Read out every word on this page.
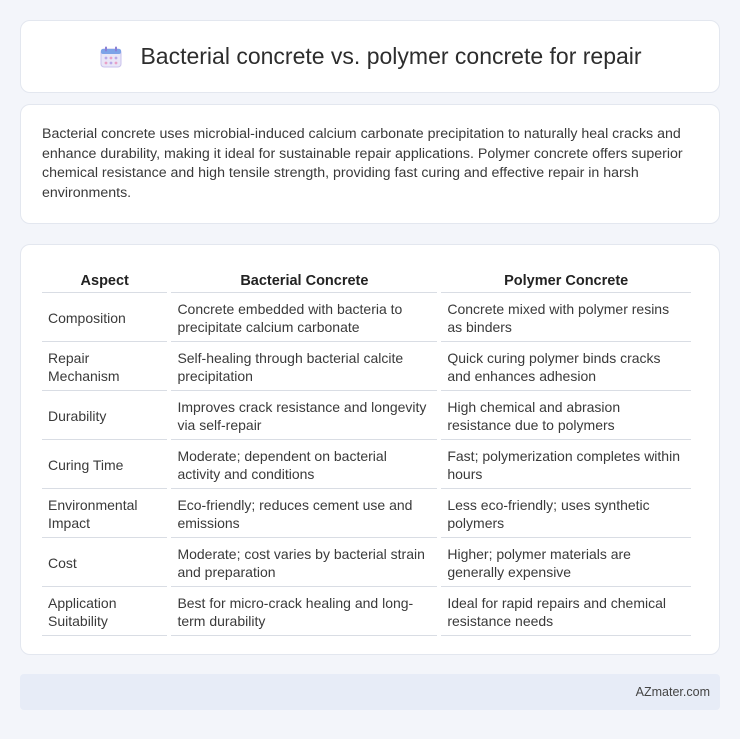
Bacterial concrete vs. polymer concrete for repair

Bacterial concrete uses microbial-induced calcium carbonate precipitation to naturally heal cracks and enhance durability, making it ideal for sustainable repair applications. Polymer concrete offers superior chemical resistance and high tensile strength, providing fast curing and effective repair in harsh environments.

Aspect	Bacterial Concrete	Polymer Concrete
Composition	Concrete embedded with bacteria to precipitate calcium carbonate	Concrete mixed with polymer resins as binders
Repair Mechanism	Self-healing through bacterial calcite precipitation	Quick curing polymer binds cracks and enhances adhesion
Durability	Improves crack resistance and longevity via self-repair	High chemical and abrasion resistance due to polymers
Curing Time	Moderate; dependent on bacterial activity and conditions	Fast; polymerization completes within hours
Environmental Impact	Eco-friendly; reduces cement use and emissions	Less eco-friendly; uses synthetic polymers
Cost	Moderate; cost varies by bacterial strain and preparation	Higher; polymer materials are generally expensive
Application Suitability	Best for micro-crack healing and long-term durability	Ideal for rapid repairs and chemical resistance needs
AZmater.com
